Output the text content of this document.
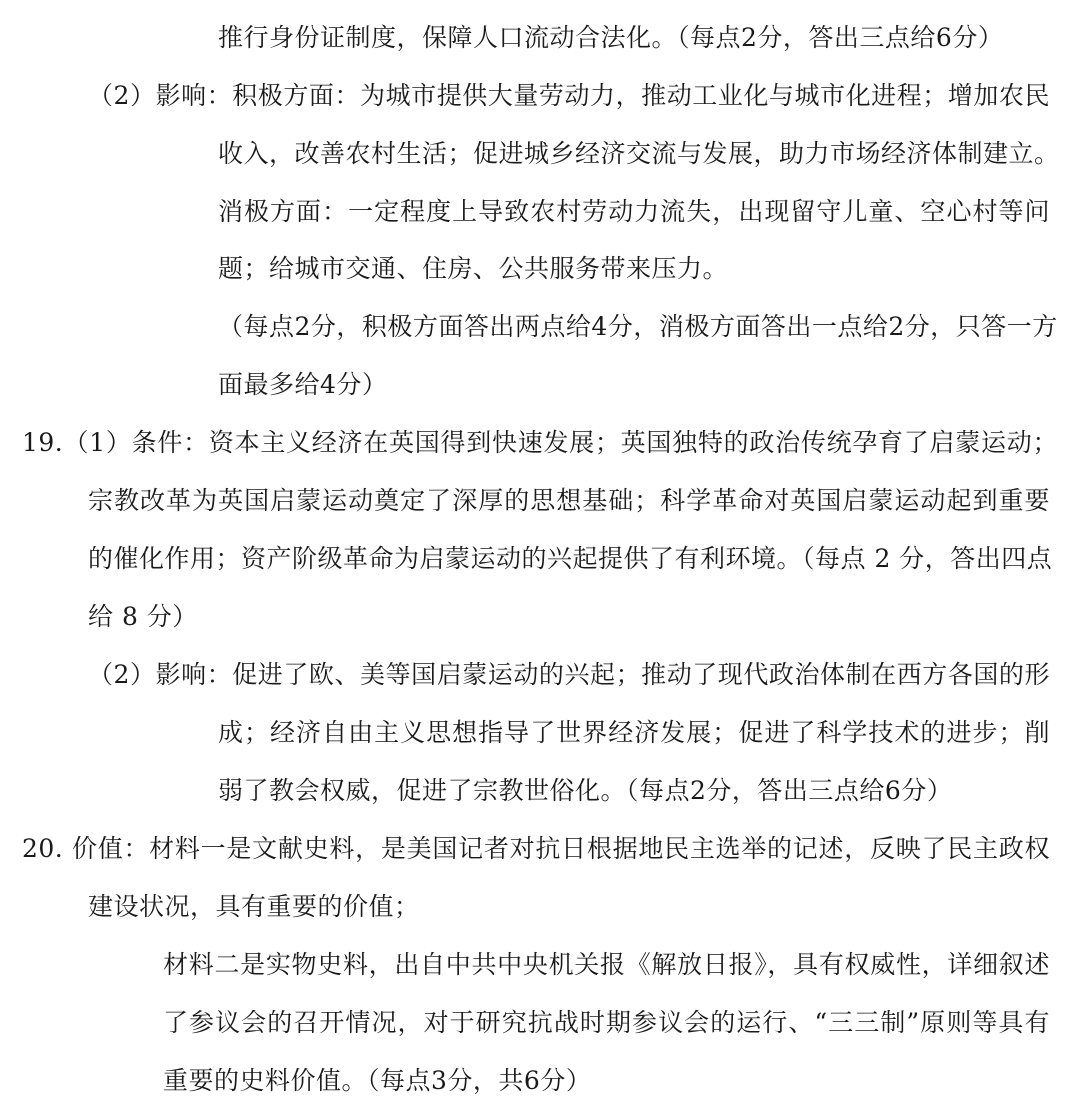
推行身份证制度，保障人口流动合法化。（每点2分，答出三点给6分）
（2）影响：积极方面：为城市提供大量劳动力，推动工业化与城市化进程；增加农民
收入，改善农村生活；促进城乡经济交流与发展，助力市场经济体制建立。
消极方面：一定程度上导致农村劳动力流失，出现留守儿童、空心村等问
题；给城市交通、住房、公共服务带来压力。
（每点2分，积极方面答出两点给4分，消极方面答出一点给2分，只答一方
面最多给4分）
19.（1）条件：资本主义经济在英国得到快速发展；英国独特的政治传统孕育了启蒙运动；
宗教改革为英国启蒙运动奠定了深厚的思想基础；科学革命对英国启蒙运动起到重要
的催化作用；资产阶级革命为启蒙运动的兴起提供了有利环境。（每点 2 分，答出四点
给 8 分）
（2）影响：促进了欧、美等国启蒙运动的兴起；推动了现代政治体制在西方各国的形
成；经济自由主义思想指导了世界经济发展；促进了科学技术的进步；削
弱了教会权威，促进了宗教世俗化。（每点2分，答出三点给6分）
20. 价值：材料一是文献史料，是美国记者对抗日根据地民主选举的记述，反映了民主政权
建设状况，具有重要的价值；
材料二是实物史料，出自中共中央机关报《解放日报》，具有权威性，详细叙述
了参议会的召开情况，对于研究抗战时期参议会的运行、“三三制”原则等具有
重要的史料价值。（每点3分，共6分）
